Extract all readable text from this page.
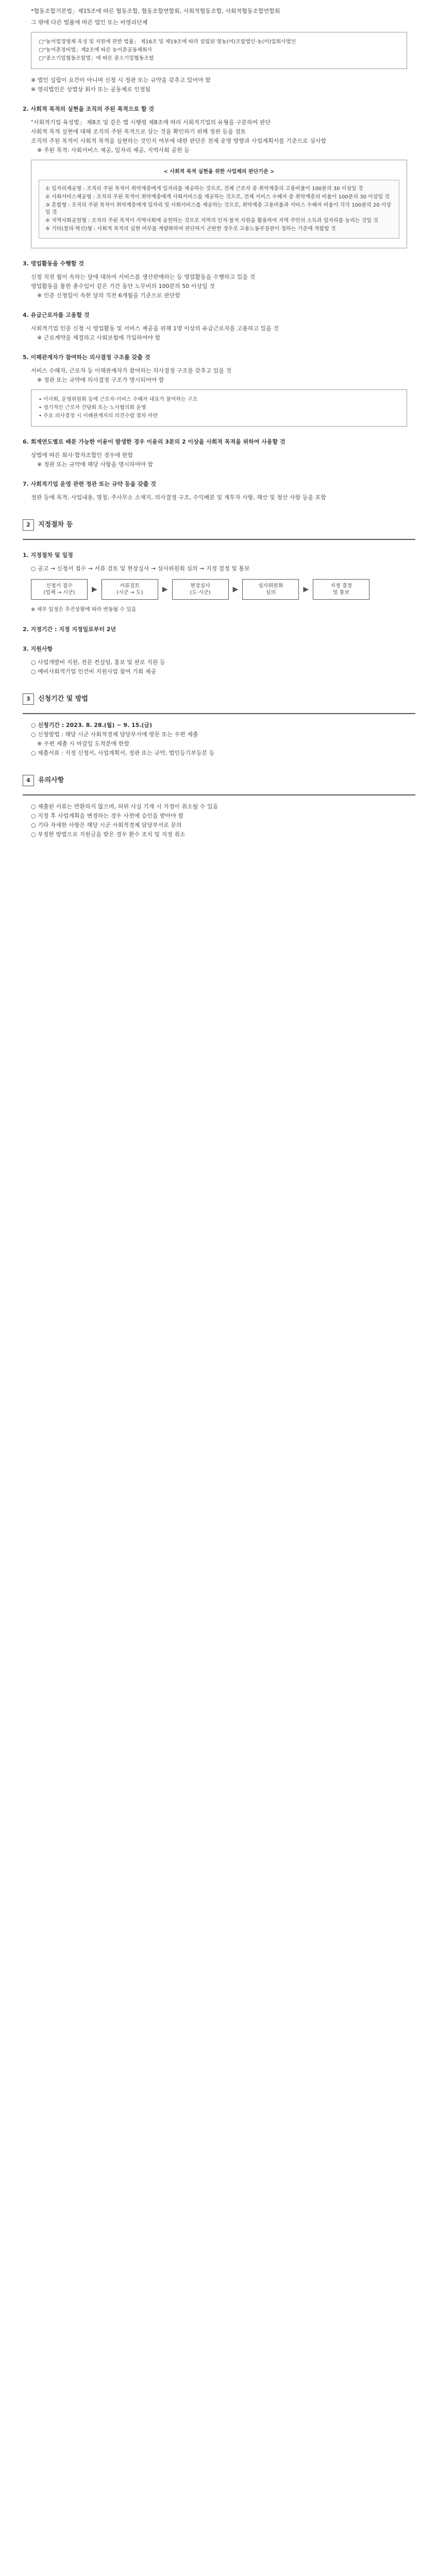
*협동조합기본법」제15조에 따른 협동조합, 협동조합연합회, 사회적협동조합, 사회적협동조합연합회
그 밖에 다른 법률에 따른 법인 또는 비영리단체
▢"농어업경영체 육성 및 지원에 관한 법률」 제16조 및 제19조에 따라 설립된 영농(어)조합법인·농(어)업회사법인
▢"농어촌정비법」제2조에 따른 농어촌공동체회사
▢"중소기업협동조합법」에 따른 중소기업협동조합
※ 법인 설립이 요건이 아니며 신청 시 정관 또는 규약을 갖추고 있어야 함
※ 영리법인은 상법상 회사 또는 공동체로 인정됨
2. 사회적 목적의 실현을 조직의 주된 목적으로 할 것
"사회적기업 육성법」 제8조 및 같은 법 시행령 제8조에 따라 사회적기업의 유형을 구분하여 판단
사회적 목적 실현에 대해 조직의 주된 목적으로 삼는 것을 확인하기 위해 정관 등을 검토
조직의 주된 목적이 사회적 목적을 실현하는 것인지 여부에 대한 판단은 전체 운영 방향과 사업계획서를 기준으로 심사함
※ 주된 목적: 사회서비스 제공, 일자리 제공, 지역사회 공헌 등
< 사회적 목적 실현을 위한 사업체의 판단기준 >
① 일자리제공형 : 조직의 주된 목적이 취약계층에게 일자리를 제공하는 것으로, 전체 근로자 중 취약계층의 고용비율이 100분의 30 이상일 것
② 사회서비스제공형 : 조직의 주된 목적이 취약계층에게 사회서비스를 제공하는 것으로, 전체 서비스 수혜자 중 취약계층의 비율이 100분의 30 이상일 것
③ 혼합형 : 조직의 주된 목적이 취약계층에게 일자리 및 사회서비스를 제공하는 것으로, 취약계층 고용비율과 서비스 수혜자 비율이 각각 100분의 20 이상일 것
④ 지역사회공헌형 : 조직의 주된 목적이 지역사회에 공헌하는 것으로 지역의 인적·물적 자원을 활용하여 지역 주민의 소득과 일자리를 늘리는 것일 것
⑤ 기타(창의·혁신)형 : 사회적 목적의 실현 여부를 계량화하여 판단하기 곤란한 경우로 고용노동부장관이 정하는 기준에 적합할 것
3. 영업활동을 수행할 것
신청 직전 월이 속하는 달에 대하여 서비스를 생산판매하는 등 영업활동을 수행하고 있을 것
영업활동을 통한 총수입이 같은 기간 동안 노무비의 100분의 50 이상일 것
※ 인증 신청일이 속한 달의 직전 6개월을 기준으로 판단함
4. 유급근로자를 고용할 것
사회적기업 인증 신청 시 영업활동 및 서비스 제공을 위해 1명 이상의 유급근로자를 고용하고 있을 것
※ 근로계약을 체결하고 사회보험에 가입하여야 함
5. 이해관계자가 참여하는 의사결정 구조를 갖출 것
서비스 수혜자, 근로자 등 이해관계자가 참여하는 의사결정 구조를 갖추고 있을 것
※ 정관 또는 규약에 의사결정 구조가 명시되어야 함
• 이사회, 운영위원회 등에 근로자·서비스 수혜자 대표가 참여하는 구조
• 정기적인 근로자 간담회 또는 노사협의회 운영
• 주요 의사결정 시 이해관계자의 의견수렴 절차 마련
6. 회계연도별로 배분 가능한 이윤이 발생한 경우 이윤의 3분의 2 이상을 사회적 목적을 위하여 사용할 것
상법에 따른 회사·합자조합인 경우에 한함
※ 정관 또는 규약에 해당 사항을 명시하여야 함
7. 사회적기업 운영 관련 정관 또는 규약 등을 갖출 것
정관 등에 목적, 사업내용, 명칭, 주사무소 소재지, 의사결정 구조, 수익배분 및 재투자 사항, 해산 및 청산 사항 등을 포함
2	지정절차 등
1. 지정절차 및 일정
○ 공고 → 신청서 접수 → 서류 검토 및 현장실사 → 심사위원회 심의 → 지정 결정 및 통보
신청서 접수
(업체 → 시군)	▶	서류검토
(시군 → 도)	▶	현장실사
(도·시군)	▶	심사위원회
심의	▶	지정 결정
및 통보
※ 세부 일정은 추진상황에 따라 변동될 수 있음
2. 지정기간 : 지정 지정일로부터 2년
3. 지원사항
○ 사업개발비 지원, 전문 컨설팅, 홍보 및 판로 지원 등
○ 예비사회적기업 인건비 지원사업 참여 기회 제공
3	신청기간 및 방법
○ 신청기간 : 2023. 8. 28.(월) ~ 9. 15.(금)
○ 신청방법 : 해당 시군 사회적경제 담당부서에 방문 또는 우편 제출
※ 우편 제출 시 마감일 도착분에 한함
○ 제출서류 : 지정 신청서, 사업계획서, 정관 또는 규약, 법인등기부등본 등
4	유의사항
○ 제출된 서류는 반환하지 않으며, 허위 사실 기재 시 지정이 취소될 수 있음
○ 지정 후 사업계획을 변경하는 경우 사전에 승인을 받아야 함
○ 기타 자세한 사항은 해당 시군 사회적경제 담당부서로 문의
○ 부정한 방법으로 지원금을 받은 경우 환수 조치 및 지정 취소
